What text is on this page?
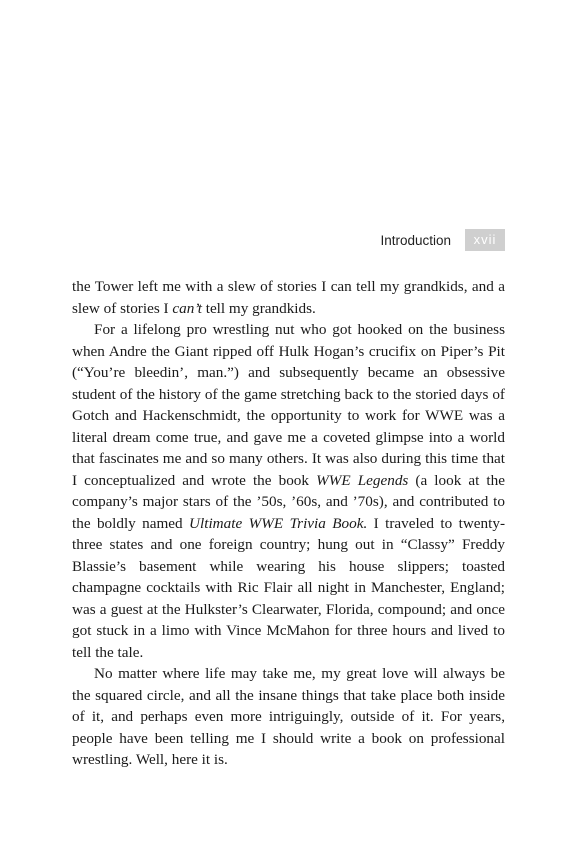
Introduction	xvii

the Tower left me with a slew of stories I can tell my grandkids, and a slew of stories I can’t tell my grandkids.

For a lifelong pro wrestling nut who got hooked on the business when Andre the Giant ripped off Hulk Hogan’s crucifix on Piper’s Pit (“You’re bleedin’, man.”) and subsequently became an obsessive student of the history of the game stretching back to the storied days of Gotch and Hackenschmidt, the opportunity to work for WWE was a literal dream come true, and gave me a coveted glimpse into a world that fascinates me and so many others. It was also during this time that I conceptualized and wrote the book WWE Legends (a look at the company’s major stars of the ’50s, ’60s, and ’70s), and contributed to the boldly named Ultimate WWE Trivia Book. I traveled to twenty-three states and one foreign country; hung out in “Classy” Freddy Blassie’s basement while wearing his house slippers; toasted champagne cocktails with Ric Flair all night in Manchester, England; was a guest at the Hulkster’s Clearwater, Florida, compound; and once got stuck in a limo with Vince McMahon for three hours and lived to tell the tale.

No matter where life may take me, my great love will always be the squared circle, and all the insane things that take place both inside of it, and perhaps even more intriguingly, outside of it. For years, people have been telling me I should write a book on professional wrestling. Well, here it is.
